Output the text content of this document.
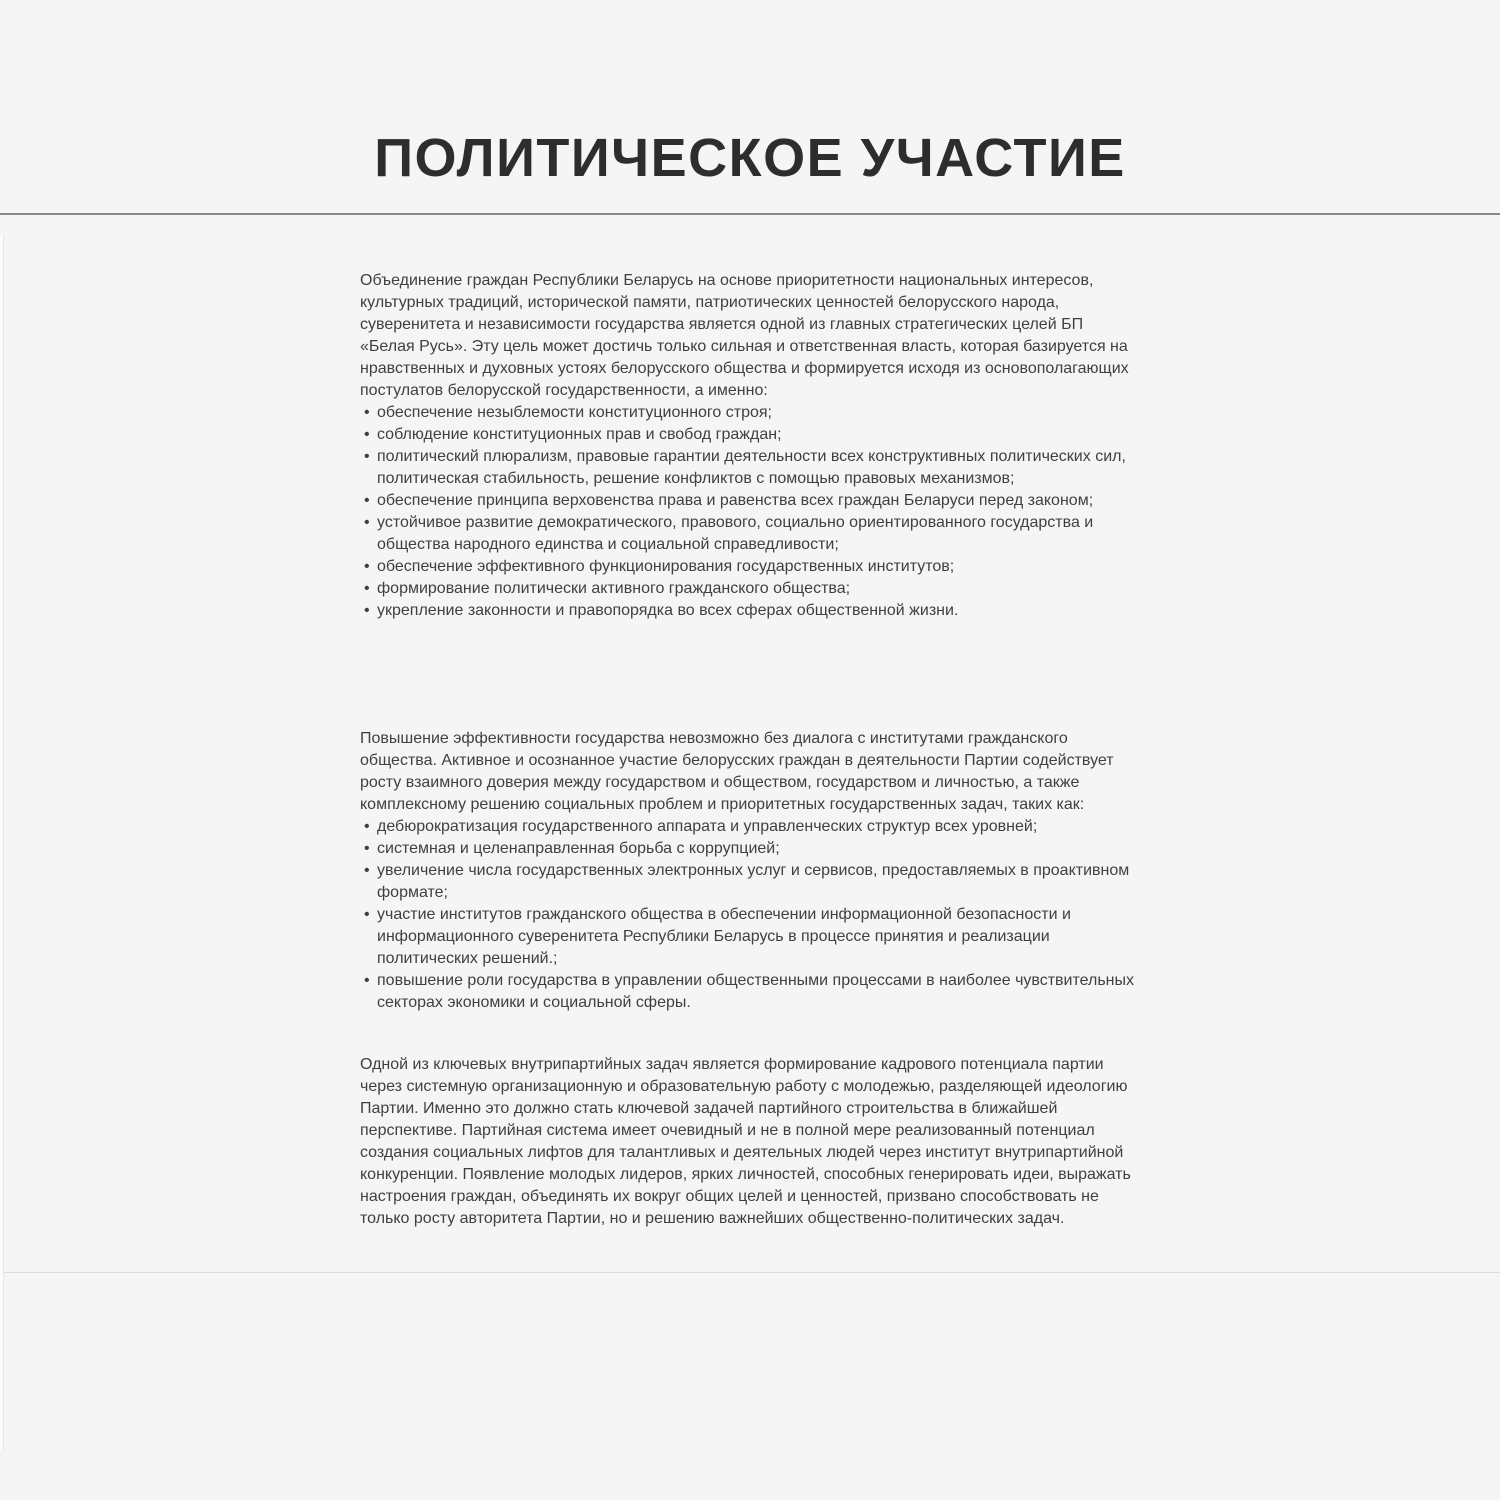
ПОЛИТИЧЕСКОЕ УЧАСТИЕ

Объединение граждан Республики Беларусь на основе приоритетности национальных интересов, культурных традиций, исторической памяти, патриотических ценностей белорусского народа, суверенитета и независимости государства является одной из главных стратегических целей БП «Белая Русь». Эту цель может достичь только сильная и ответственная власть, которая базируется на нравственных и духовных устоях белорусского общества и формируется исходя из основополагающих постулатов белорусской государственности, а именно:

• обеспечение незыблемости конституционного строя;
• соблюдение конституционных прав и свобод граждан;
• политический плюрализм, правовые гарантии деятельности всех конструктивных политических сил, политическая стабильность, решение конфликтов с помощью правовых механизмов;
• обеспечение принципа верховенства права и равенства всех граждан Беларуси перед законом;
• устойчивое развитие демократического, правового, социально ориентированного государства и общества народного единства и социальной справедливости;
• обеспечение эффективного функционирования государственных институтов;
• формирование политически активного гражданского общества;
• укрепление законности и правопорядка во всех сферах общественной жизни.

Повышение эффективности государства невозможно без диалога с институтами гражданского общества. Активное и осознанное участие белорусских граждан в деятельности Партии содействует росту взаимного доверия между государством и обществом, государством и личностью, а также комплексному решению социальных проблем и приоритетных государственных задач, таких как:

• дебюрократизация государственного аппарата и управленческих структур всех уровней;
• системная и целенаправленная борьба с коррупцией;
• увеличение числа государственных электронных услуг и сервисов, предоставляемых в проактивном формате;
• участие институтов гражданского общества в обеспечении информационной безопасности и информационного суверенитета Республики Беларусь в процессе принятия и реализации политических решений.;
• повышение роли государства в управлении общественными процессами в наиболее чувствительных секторах экономики и социальной сферы.

Одной из ключевых внутрипартийных задач является формирование кадрового потенциала партии через системную организационную и образовательную работу с молодежью, разделяющей идеологию Партии. Именно это должно стать ключевой задачей партийного строительства в ближайшей перспективе. Партийная система имеет очевидный и не в полной мере реализованный потенциал создания социальных лифтов для талантливых и деятельных людей через институт внутрипартийной конкуренции. Появление молодых лидеров, ярких личностей, способных генерировать идеи, выражать настроения граждан, объединять их вокруг общих целей и ценностей, призвано способствовать не только росту авторитета Партии, но и решению важнейших общественно-политических задач.
